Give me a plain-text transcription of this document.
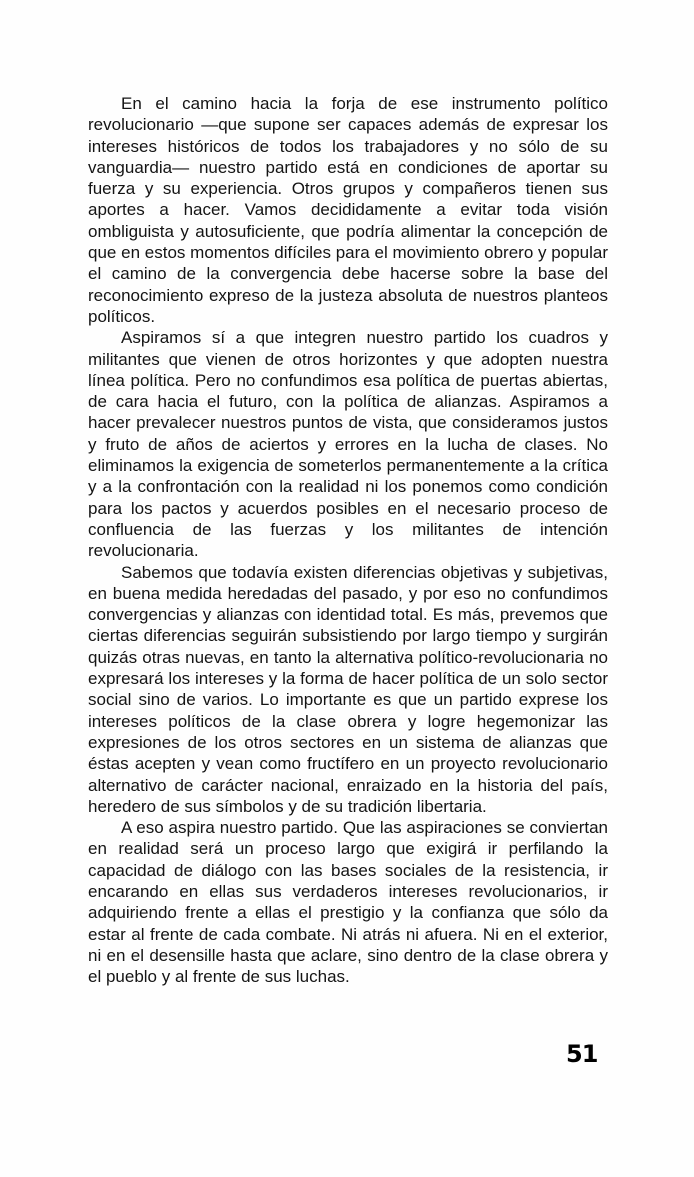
En el camino hacia la forja de ese instrumento político revolucionario —que supone ser capaces además de expresar los intereses históricos de todos los trabajadores y no sólo de su vanguardia— nuestro partido está en condiciones de aportar su fuerza y su experiencia. Otros grupos y compañeros tienen sus aportes a hacer. Vamos decididamente a evitar toda visión ombliguista y autosuficiente, que podría alimentar la concepción de que en estos momentos difíciles para el movimiento obrero y popular el camino de la convergencia debe hacerse sobre la base del reconocimiento expreso de la justeza absoluta de nuestros planteos políticos.

Aspiramos sí a que integren nuestro partido los cuadros y militantes que vienen de otros horizontes y que adopten nuestra línea política. Pero no confundimos esa política de puertas abiertas, de cara hacia el futuro, con la política de alianzas. Aspiramos a hacer prevalecer nuestros puntos de vista, que consideramos justos y fruto de años de aciertos y errores en la lucha de clases. No eliminamos la exigencia de someterlos permanentemente a la crítica y a la confrontación con la realidad ni los ponemos como condición para los pactos y acuerdos posibles en el necesario proceso de confluencia de las fuerzas y los militantes de intención revolucionaria.

Sabemos que todavía existen diferencias objetivas y subjetivas, en buena medida heredadas del pasado, y por eso no confundimos convergencias y alianzas con identidad total. Es más, prevemos que ciertas diferencias seguirán subsistiendo por largo tiempo y surgirán quizás otras nuevas, en tanto la alternativa político-revolucionaria no expresará los intereses y la forma de hacer política de un solo sector social sino de varios. Lo importante es que un partido exprese los intereses políticos de la clase obrera y logre hegemonizar las expresiones de los otros sectores en un sistema de alianzas que éstas acepten y vean como fructífero en un proyecto revolucionario alternativo de carácter nacional, enraizado en la historia del país, heredero de sus símbolos y de su tradición libertaria.

A eso aspira nuestro partido. Que las aspiraciones se conviertan en realidad será un proceso largo que exigirá ir perfilando la capacidad de diálogo con las bases sociales de la resistencia, ir encarando en ellas sus verdaderos intereses revolucionarios, ir adquiriendo frente a ellas el prestigio y la confianza que sólo da estar al frente de cada combate. Ni atrás ni afuera. Ni en el exterior, ni en el desensille hasta que aclare, sino dentro de la clase obrera y el pueblo y al frente de sus luchas.

51
